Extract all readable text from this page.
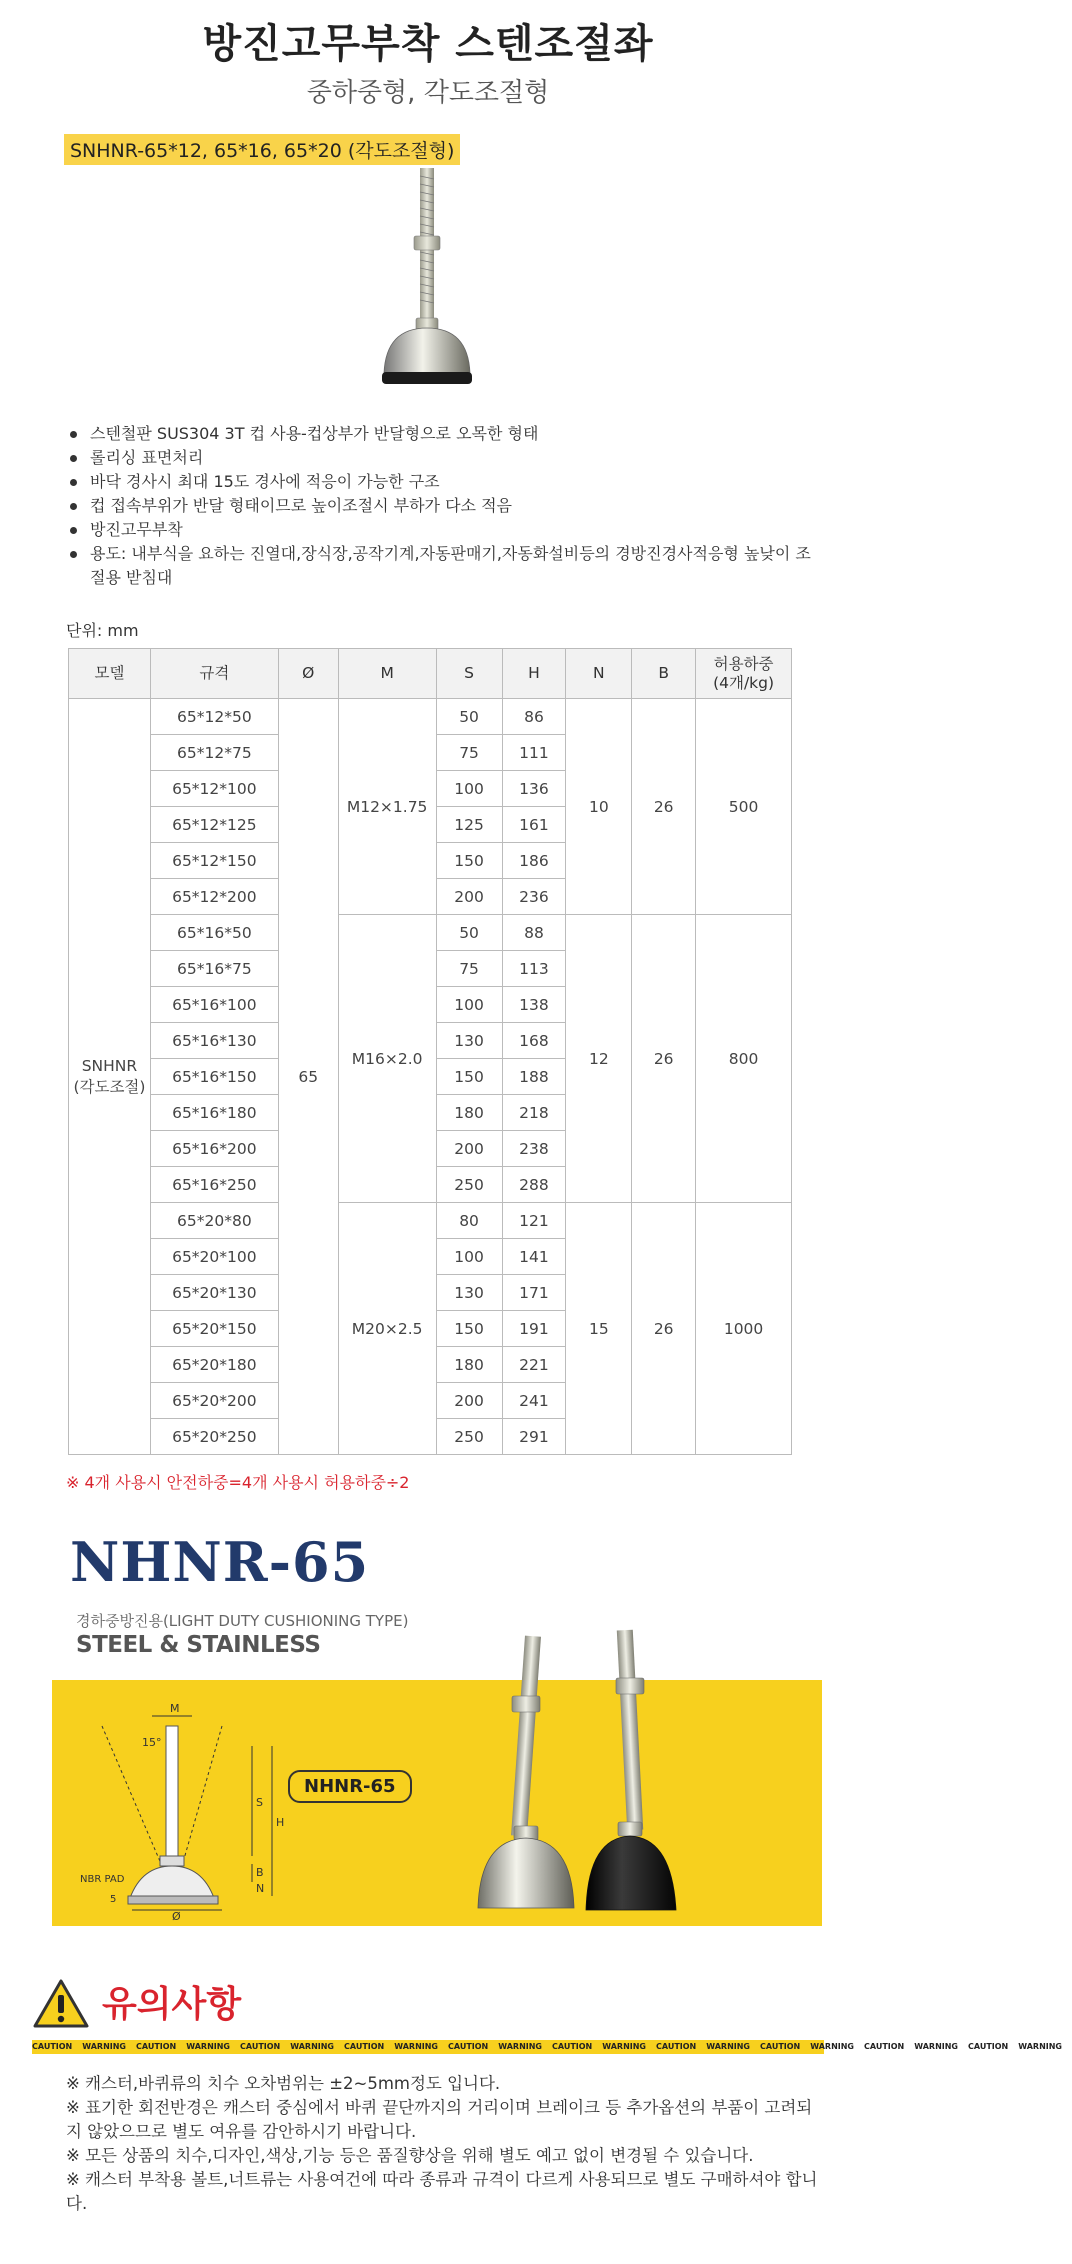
방진고무부착 스텐조절좌
중하중형, 각도조절형
SNHNR-65*12, 65*16, 65*20 (각도조절형)
스텐철판 SUS304 3T 컵 사용-컵상부가 반달형으로 오목한 형태
롤리싱 표면처리
바닥 경사시 최대 15도 경사에 적응이 가능한 구조
컵 접속부위가 반달 형태이므로 높이조절시 부하가 다소 적음
방진고무부착
용도: 내부식을 요하는 진열대,장식장,공작기계,자동판매기,자동화설비등의 경방진경사적응형 높낮이 조절용 받침대
단위: mm
모델	규격	Ø	M	S	H	N	B	허용하중
(4개/kg)
SNHNR
(각도조절)	65*12*50	65	M12×1.75	50	86	10	26	500
	65*12*75			75	111			
	65*12*100			100	136			
	65*12*125			125	161			
	65*12*150			150	186			
	65*12*200			200	236			
	65*16*50		M16×2.0	50	88	12	26	800
	65*16*75			75	113			
	65*16*100			100	138			
	65*16*130			130	168			
	65*16*150			150	188			
	65*16*180			180	218			
	65*16*200			200	238			
	65*16*250			250	288			
	65*20*80		M20×2.5	80	121	15	26	1000
	65*20*100			100	141			
	65*20*130			130	171			
	65*20*150			150	191			
	65*20*180			180	221			
	65*20*200			200	241			
	65*20*250			250	291			
※ 4개 사용시 안전하중=4개 사용시 허용하중÷2
NHNR-65
경하중방진용(LIGHT DUTY CUSHIONING TYPE)
STEEL & STAINLESS
M
15°
S
H
B
N
NBR PAD
Ø
5
NHNR-65
유의사항
CAUTION WARNING CAUTION WARNING CAUTION WARNING CAUTION WARNING CAUTION WARNING CAUTION WARNING CAUTION WARNING CAUTION WARNING CAUTION WARNING CAUTION WARNING
※ 캐스터,바퀴류의 치수 오차범위는 ±2~5mm정도 입니다.
※ 표기한 회전반경은 캐스터 중심에서 바퀴 끝단까지의 거리이며 브레이크 등 추가옵션의 부품이 고려되지 않았으므로 별도 여유를 감안하시기 바랍니다.
※ 모든 상품의 치수,디자인,색상,기능 등은 품질향상을 위해 별도 예고 없이 변경될 수 있습니다.
※ 캐스터 부착용 볼트,너트류는 사용여건에 따라 종류과 규격이 다르게 사용되므로 별도 구매하셔야 합니다.
